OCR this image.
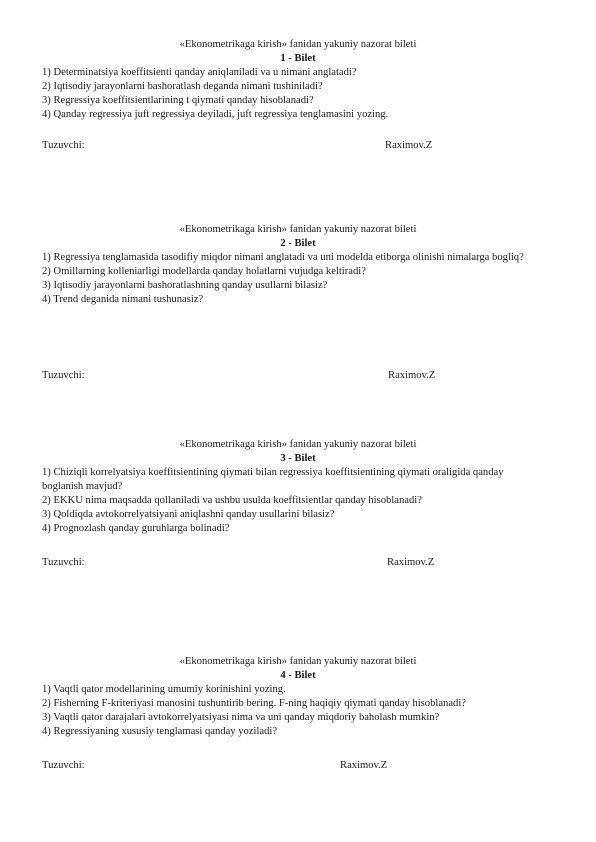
«Ekonometrikaga kirish» fanidan yakuniy nazorat bileti
1 - Bilet
1) Determinatsiya koeffitsienti qanday aniqlaniladi va u nimani anglatadi?
2) Iqtisodiy jarayonlarni bashoratlash deganda nimani tushiniladi?
3) Regressiya koeffitsientlarining t qiymati qanday hisoblanadi?
4) Qanday regressiya juft regressiya deyiladi, juft regressiya tenglamasini yozing.
Tuzuvchi:	Raximov.Z
«Ekonometrikaga kirish» fanidan yakuniy nazorat bileti
2 - Bilet
1) Regressiya tenglamasida tasodifiy miqdor nimani anglatadi va uni modelda etiborga olinishi nimalarga bogliq?
2) Omillarning kolleniarligi modellarda qanday holatlarni vujudga keltiradi?
3) Iqtisodiy jarayonlarni bashoratlashning qanday usullarni bilasiz?
4) Trend deganida nimani tushunasiz?
Tuzuvchi:	Raximov.Z
«Ekonometrikaga kirish» fanidan yakuniy nazorat bileti
3 - Bilet
1) Chiziqli korrelyatsiya koeffitsientining qiymati bilan regressiya koeffitsientining qiymati oraligida qanday boglanish mavjud?
2) EKKU nima maqsadda qollaniladi va ushbu usulda koeffitsientlar qanday hisoblanadi?
3) Qoldiqda avtokorrelyatsiyani aniqlashni qanday usullarini bilasiz?
4) Prognozlash qanday guruhlarga bolinadi?
Tuzuvchi:	Raximov.Z
«Ekonometrikaga kirish» fanidan yakuniy nazorat bileti
4 - Bilet
1) Vaqtli qator modellarining umumiy korinishini yozing.
2) Fisherning F-kriteriyasi manosini tushuntirib bering. F-ning haqiqiy qiymati qanday hisoblanadi?
3) Vaqtli qator darajalari avtokorrelyatsiyasi nima va uni qanday miqdoriy baholash mumkin?
4) Regressiyaning xususiy tenglamasi qanday yoziladi?
Tuzuvchi:	Raximov.Z
